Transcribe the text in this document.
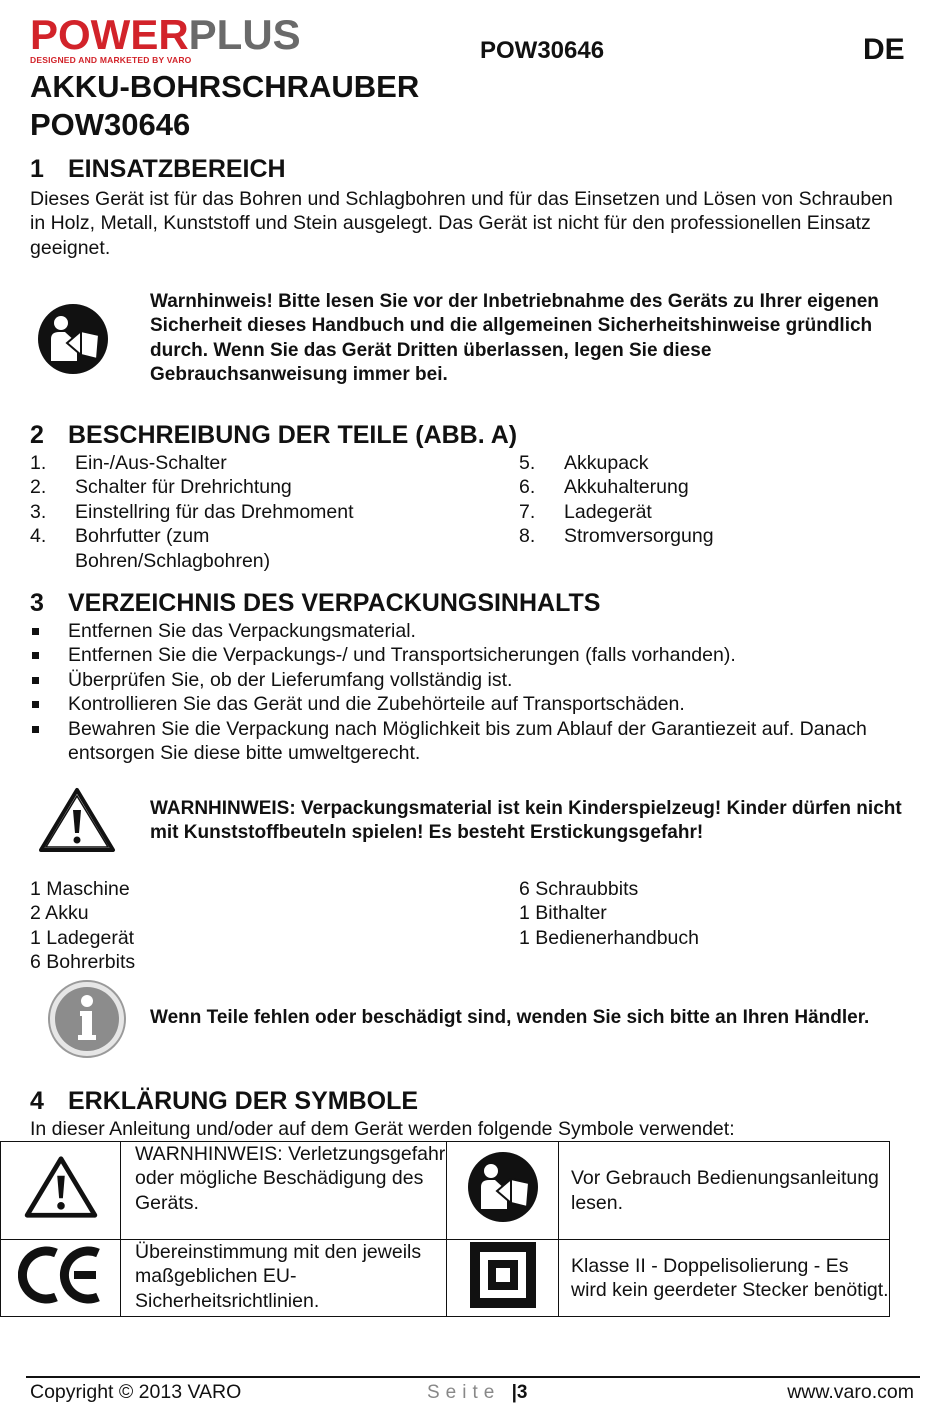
POWERPLUS
DESIGNED AND MARKETED BY VARO	POW30646	DE
AKKU-BOHRSCHRAUBER
POW30646
1 EINSATZBEREICH
Dieses Gerät ist für das Bohren und Schlagbohren und für das Einsetzen und Lösen von Schrauben in Holz, Metall, Kunststoff und Stein ausgelegt. Das Gerät ist nicht für den professionellen Einsatz geeignet.
Warnhinweis! Bitte lesen Sie vor der Inbetriebnahme des Geräts zu Ihrer eigenen Sicherheit dieses Handbuch und die allgemeinen Sicherheitshinweise gründlich durch. Wenn Sie das Gerät Dritten überlassen, legen Sie diese Gebrauchsanweisung immer bei.
2 BESCHREIBUNG DER TEILE (ABB. A)
1. Ein-/Aus-Schalter
2. Schalter für Drehrichtung
3. Einstellring für das Drehmoment
4. Bohrfutter (zum Bohren/Schlagbohren)
5. Akkupack
6. Akkuhalterung
7. Ladegerät
8. Stromversorgung
3 VERZEICHNIS DES VERPACKUNGSINHALTS
Entfernen Sie das Verpackungsmaterial.
Entfernen Sie die Verpackungs-/ und Transportsicherungen (falls vorhanden).
Überprüfen Sie, ob der Lieferumfang vollständig ist.
Kontrollieren Sie das Gerät und die Zubehörteile auf Transportschäden.
Bewahren Sie die Verpackung nach Möglichkeit bis zum Ablauf der Garantiezeit auf. Danach entsorgen Sie diese bitte umweltgerecht.
WARNHINWEIS: Verpackungsmaterial ist kein Kinderspielzeug! Kinder dürfen nicht mit Kunststoffbeuteln spielen! Es besteht Erstickungsgefahr!
1 Maschine
2 Akku
1 Ladegerät
6 Bohrerbits
6 Schraubbits
1 Bithalter
1 Bedienerhandbuch
Wenn Teile fehlen oder beschädigt sind, wenden Sie sich bitte an Ihren Händler.
4 ERKLÄRUNG DER SYMBOLE
In dieser Anleitung und/oder auf dem Gerät werden folgende Symbole verwendet:
	WARNHINWEIS: Verletzungsgefahr oder mögliche Beschädigung des Geräts.		Vor Gebrauch Bedienungsanleitung lesen.
	Übereinstimmung mit den jeweils maßgeblichen EU-Sicherheitsrichtlinien.		Klasse II - Doppelisolierung - Es wird kein geerdeter Stecker benötigt.
Copyright © 2013 VARO	Seite |3	www.varo.com
